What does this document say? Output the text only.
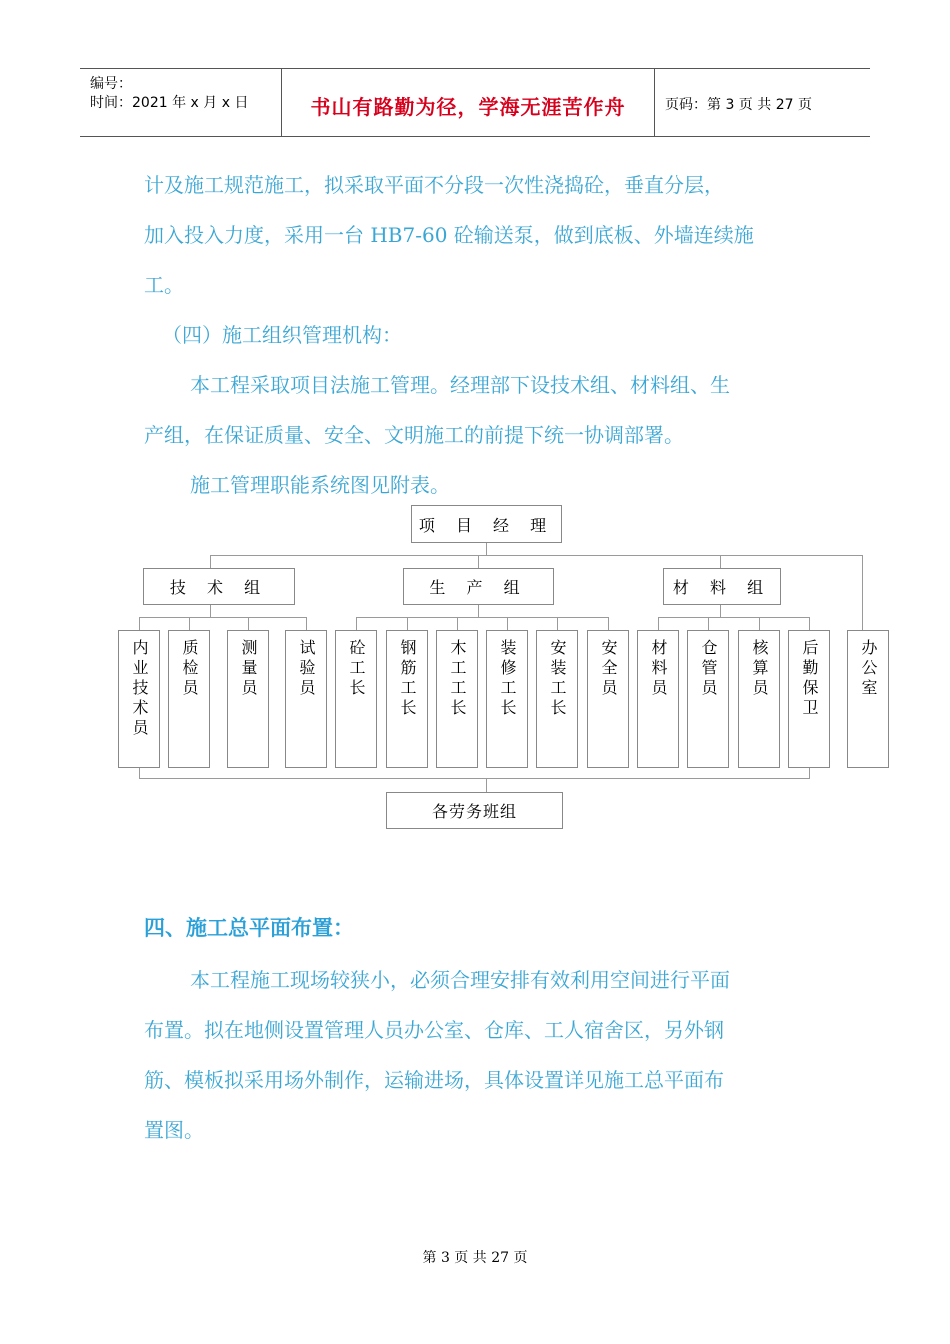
编号：
时间：2021 年 x 月 x 日	书山有路勤为径，学海无涯苦作舟	页码：第 3 页 共 27 页
计及施工规范施工，拟采取平面不分段一次性浇捣砼，垂直分层，
加入投入力度，采用一台 HB7-60 砼输送泵，做到底板、外墙连续施
工。
（四）施工组织管理机构：
本工程采取项目法施工管理。经理部下设技术组、材料组、生
产组，在保证质量、安全、文明施工的前提下统一协调部署。
施工管理职能系统图见附表。
项 目 经 理
技 术 组	生 产 组	材 料 组
内业技术员	质检员	测量员	试验员	砼工长	钢筋工长	木工工长	装修工长	安装工长	安全员	材料员	仓管员	核算员	后勤保卫	办公室
各劳务班组
四、施工总平面布置：
本工程施工现场较狭小，必须合理安排有效利用空间进行平面
布置。拟在地侧设置管理人员办公室、仓库、工人宿舍区，另外钢
筋、模板拟采用场外制作，运输进场，具体设置详见施工总平面布
置图。
第 3 页 共 27 页
